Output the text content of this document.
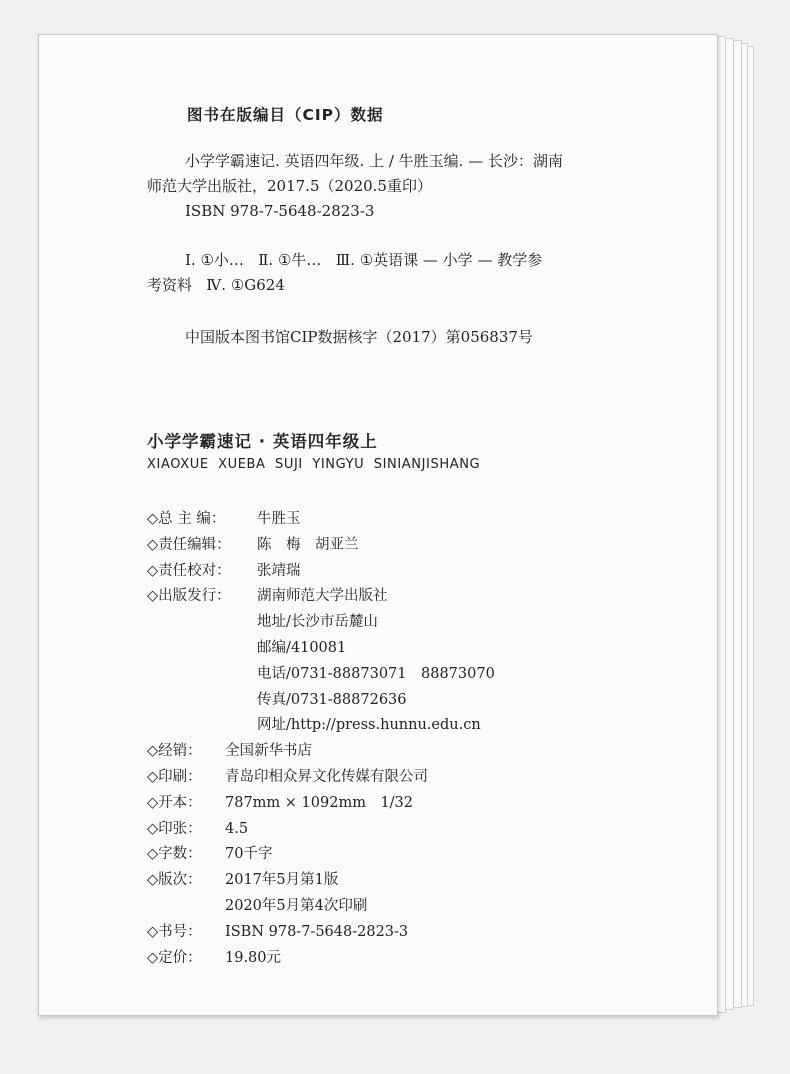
图书在版编目（CIP）数据
小学学霸速记. 英语四年级. 上 / 牛胜玉编. — 长沙：湖南
师范大学出版社，2017.5（2020.5重印）
ISBN 978-7-5648-2823-3
Ⅰ. ①小…   Ⅱ. ①牛…   Ⅲ. ①英语课 — 小学 — 教学参
考资料   Ⅳ. ①G624
中国版本图书馆CIP数据核字（2017）第056837号
小学学霸速记 · 英语四年级上
XIAOXUE  XUEBA  SUJI  YINGYU  SINIANJISHANG
◇总 主 编：	牛胜玉
◇责任编辑：	陈　梅　胡亚兰
◇责任校对：	张靖瑞
◇出版发行：	湖南师范大学出版社
地址/长沙市岳麓山
邮编/410081
电话/0731-88873071　88873070
传真/0731-88872636
网址/http://press.hunnu.edu.cn
◇经销：	全国新华书店
◇印刷：	青岛印相众昇文化传媒有限公司
◇开本：	787mm × 1092mm　1/32
◇印张：	4.5
◇字数：	70千字
◇版次：	2017年5月第1版
2020年5月第4次印刷
◇书号：	ISBN 978-7-5648-2823-3
◇定价：	19.80元
